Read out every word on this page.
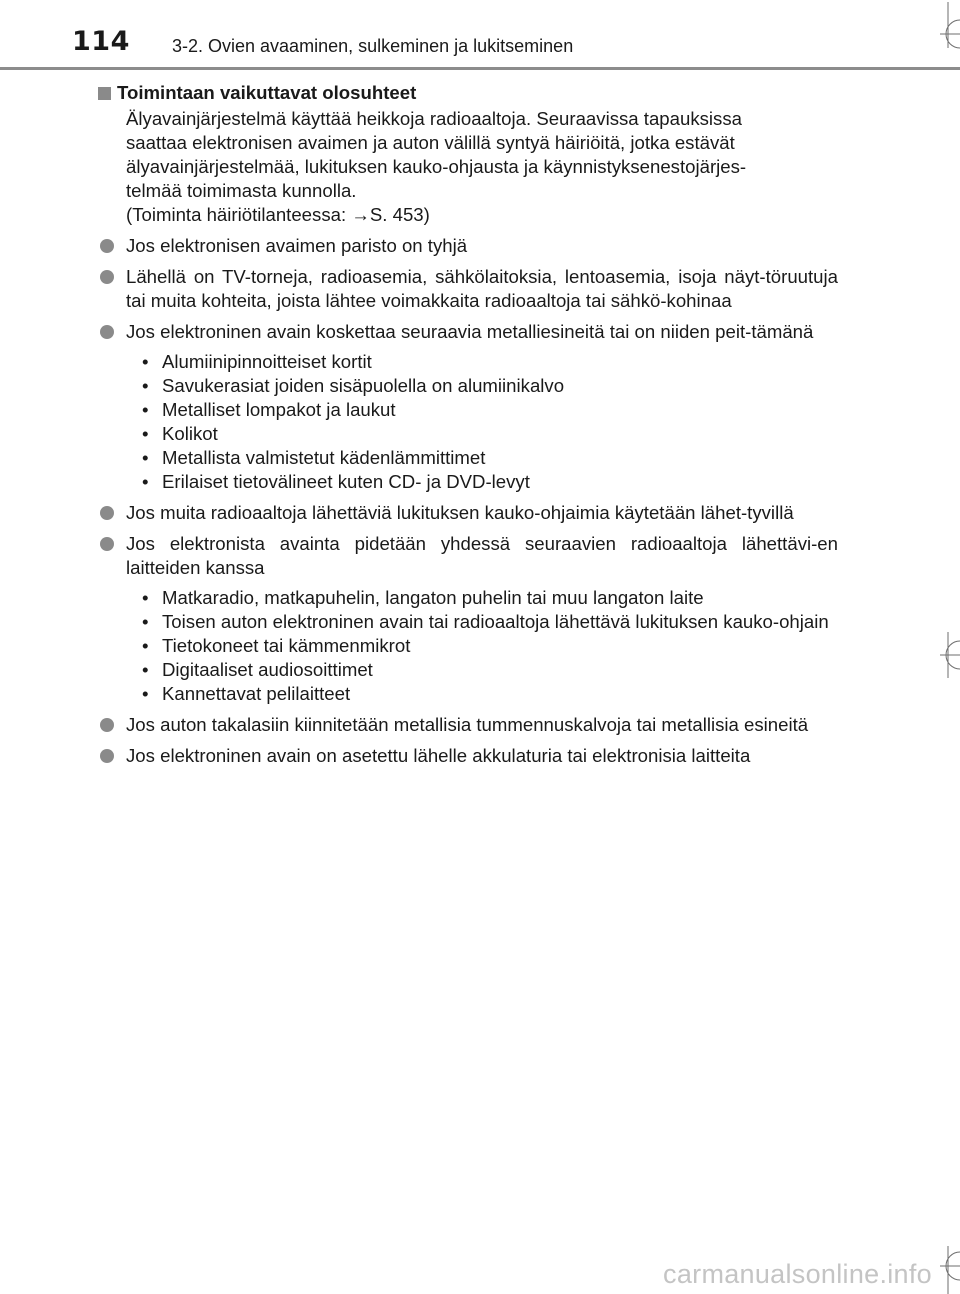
114 3-2. Ovien avaaminen, sulkeminen ja lukitseminen
Toimintaan vaikuttavat olosuhteet
Älyavainjärjestelmä käyttää heikkoja radioaaltoja. Seuraavissa tapauksissa
saattaa elektronisen avaimen ja auton välillä syntyä häiriöitä, jotka estävät
älyavainjärjestelmää, lukituksen kauko-ohjausta ja käynnistyksenestojärjes-
telmää toimimasta kunnolla.
(Toiminta häiriötilanteessa: →S. 453)
Jos elektronisen avaimen paristo on tyhjä
Lähellä on TV-torneja, radioasemia, sähkölaitoksia, lentoasemia, isoja näyt-töruutuja tai muita kohteita, joista lähtee voimakkaita radioaaltoja tai sähkö-kohinaa
Jos elektroninen avain koskettaa seuraavia metalliesineitä tai on niiden peit-tämänä
• Alumiinipinnoitteiset kortit
• Savukerasiat joiden sisäpuolella on alumiinikalvo
• Metalliset lompakot ja laukut
• Kolikot
• Metallista valmistetut kädenlämmittimet
• Erilaiset tietovälineet kuten CD- ja DVD-levyt
Jos muita radioaaltoja lähettäviä lukituksen kauko-ohjaimia käytetään lähet-tyvillä
Jos elektronista avainta pidetään yhdessä seuraavien radioaaltoja lähettävi-en laitteiden kanssa
• Matkaradio, matkapuhelin, langaton puhelin tai muu langaton laite
• Toisen auton elektroninen avain tai radioaaltoja lähettävä lukituksen kauko-ohjain
• Tietokoneet tai kämmenmikrot
• Digitaaliset audiosoittimet
• Kannettavat pelilaitteet
Jos auton takalasiin kiinnitetään metallisia tummennuskalvoja tai metallisia esineitä
Jos elektroninen avain on asetettu lähelle akkulaturia tai elektronisia laitteita
carmanualsonline.info
